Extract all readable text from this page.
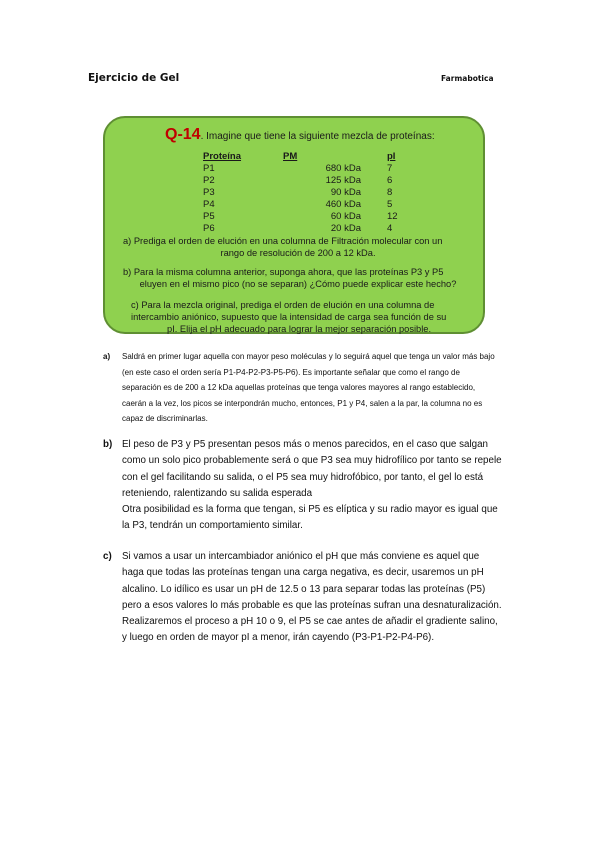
Ejercicio de Gel	Farmabotica
Q-14. Imagine que tiene la siguiente mezcla de proteínas:
Proteína	PM	pI
P1	680 kDa	7
P2	125 kDa	6
P3	90 kDa	8
P4	460 kDa	5
P5	60 kDa	12
P6	20 kDa	4
a) Prediga el orden de elución en una columna de Filtración molecular con un
rango de resolución de 200 a 12 kDa.
b) Para la misma columna anterior, suponga ahora, que las proteínas P3 y P5
eluyen en el mismo pico (no se separan) ¿Cómo puede explicar este hecho?
c) Para la mezcla original, prediga el orden de elución en una columna de
intercambio aniónico, supuesto que la intensidad de carga sea función de su
pI. Elija el pH adecuado para lograr la mejor separación posible.
a) Saldrá en primer lugar aquella con mayor peso moléculas y lo seguirá aquel que tenga un valor más bajo (en este caso el orden sería P1-P4-P2-P3-P5-P6). Es importante señalar que como el rango de separación es de 200 a 12 kDa aquellas proteínas que tenga valores mayores al rango establecido, caerán a la vez, los picos se interpondrán mucho, entonces, P1 y P4, salen a la par, la columna no es capaz de discriminarlas.
b) El peso de P3 y P5 presentan pesos más o menos parecidos, en el caso que salgan como un solo pico probablemente será o que P3 sea muy hidrofílico por tanto se repele con el gel facilitando su salida, o el P5 sea muy hidrofóbico, por tanto, el gel lo está reteniendo, ralentizando su salida esperada
Otra posibilidad es la forma que tengan, si P5 es elíptica y su radio mayor es igual que la P3, tendrán un comportamiento similar.
c) Si vamos a usar un intercambiador aniónico el pH que más conviene es aquel que haga que todas las proteínas tengan una carga negativa, es decir, usaremos un pH alcalino. Lo idílico es usar un pH de 12.5 o 13 para separar todas las proteínas (P5) pero a esos valores lo más probable es que las proteínas sufran una desnaturalización. Realizaremos el proceso a pH 10 o 9, el P5 se cae antes de añadir el gradiente salino, y luego en orden de mayor pI a menor, irán cayendo (P3-P1-P2-P4-P6).
